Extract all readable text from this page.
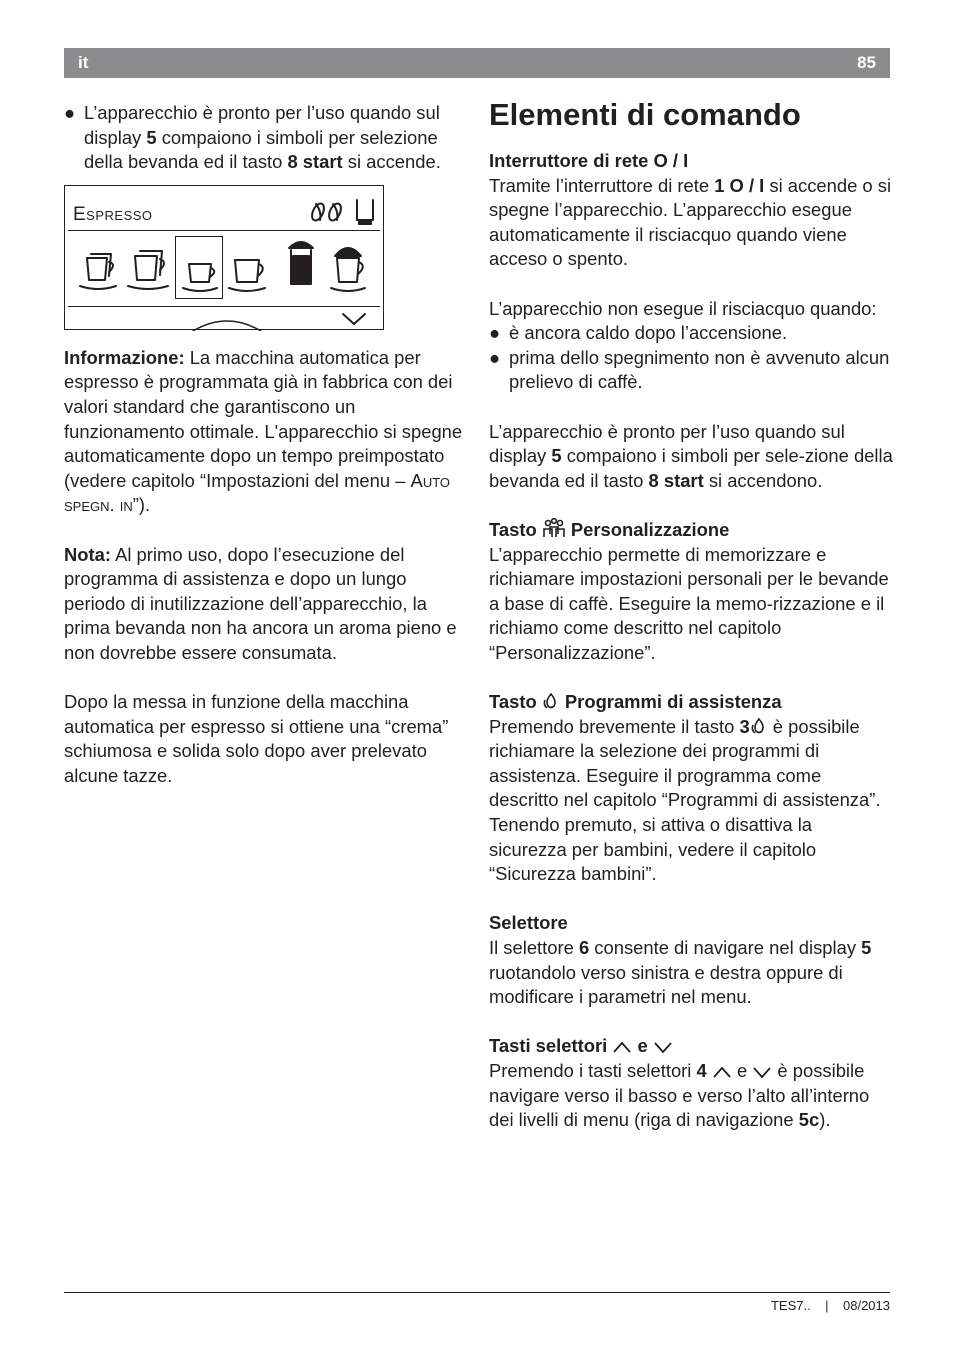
it	85

● L’apparecchio è pronto per l’uso quando sul display 5 compaiono i simboli per selezione della bevanda ed il tasto 8 start si accende.

Espresso

Informazione: La macchina automatica per espresso è programmata già in fabbrica con dei valori standard che garantiscono un funzionamento ottimale. L'apparecchio si spegne automaticamente dopo un tempo preimpostato (vedere capitolo “Impostazioni del menu – Auto spegn. in”).

Nota: Al primo uso, dopo l’esecuzione del programma di assistenza e dopo un lungo periodo di inutilizzazione dell’apparecchio, la prima bevanda non ha ancora un aroma pieno e non dovrebbe essere consumata.

Dopo la messa in funzione della macchina automatica per espresso si ottiene una “crema” schiumosa e solida solo dopo aver prelevato alcune tazze.

Elementi di comando

Interruttore di rete O / I

Tramite l’interruttore di rete 1 O / I si accende o si spegne l’apparecchio. L’apparecchio esegue automaticamente il risciacquo quando viene acceso o spento.

L’apparecchio non esegue il risciacquo quando:

● è ancora caldo dopo l’accensione.

● prima dello spegnimento non è avvenuto alcun prelievo di caffè.

L’apparecchio è pronto per l’uso quando sul display 5 compaiono i simboli per sele-zione della bevanda ed il tasto 8 start si accendono.

Tasto  Personalizzazione

L’apparecchio permette di memorizzare e richiamare impostazioni personali per le bevande a base di caffè. Eseguire la memo-rizzazione e il richiamo come descritto nel capitolo “Personalizzazione”.

Tasto  Programmi di assistenza

Premendo brevemente il tasto 3 è possibile richiamare la selezione dei programmi di assistenza. Eseguire il programma come descritto nel capitolo “Programmi di assistenza”.

Tenendo premuto, si attiva o disattiva la sicurezza per bambini, vedere il capitolo “Sicurezza bambini”.

Selettore

Il selettore 6 consente di navigare nel display 5 ruotandolo verso sinistra e destra oppure di modificare i parametri nel menu.

Tasti selettori  e

Premendo i tasti selettori 4  e  è possibile navigare verso il basso e verso l’alto all’interno dei livelli di menu (riga di navigazione 5c).

TES7.. | 08/2013
